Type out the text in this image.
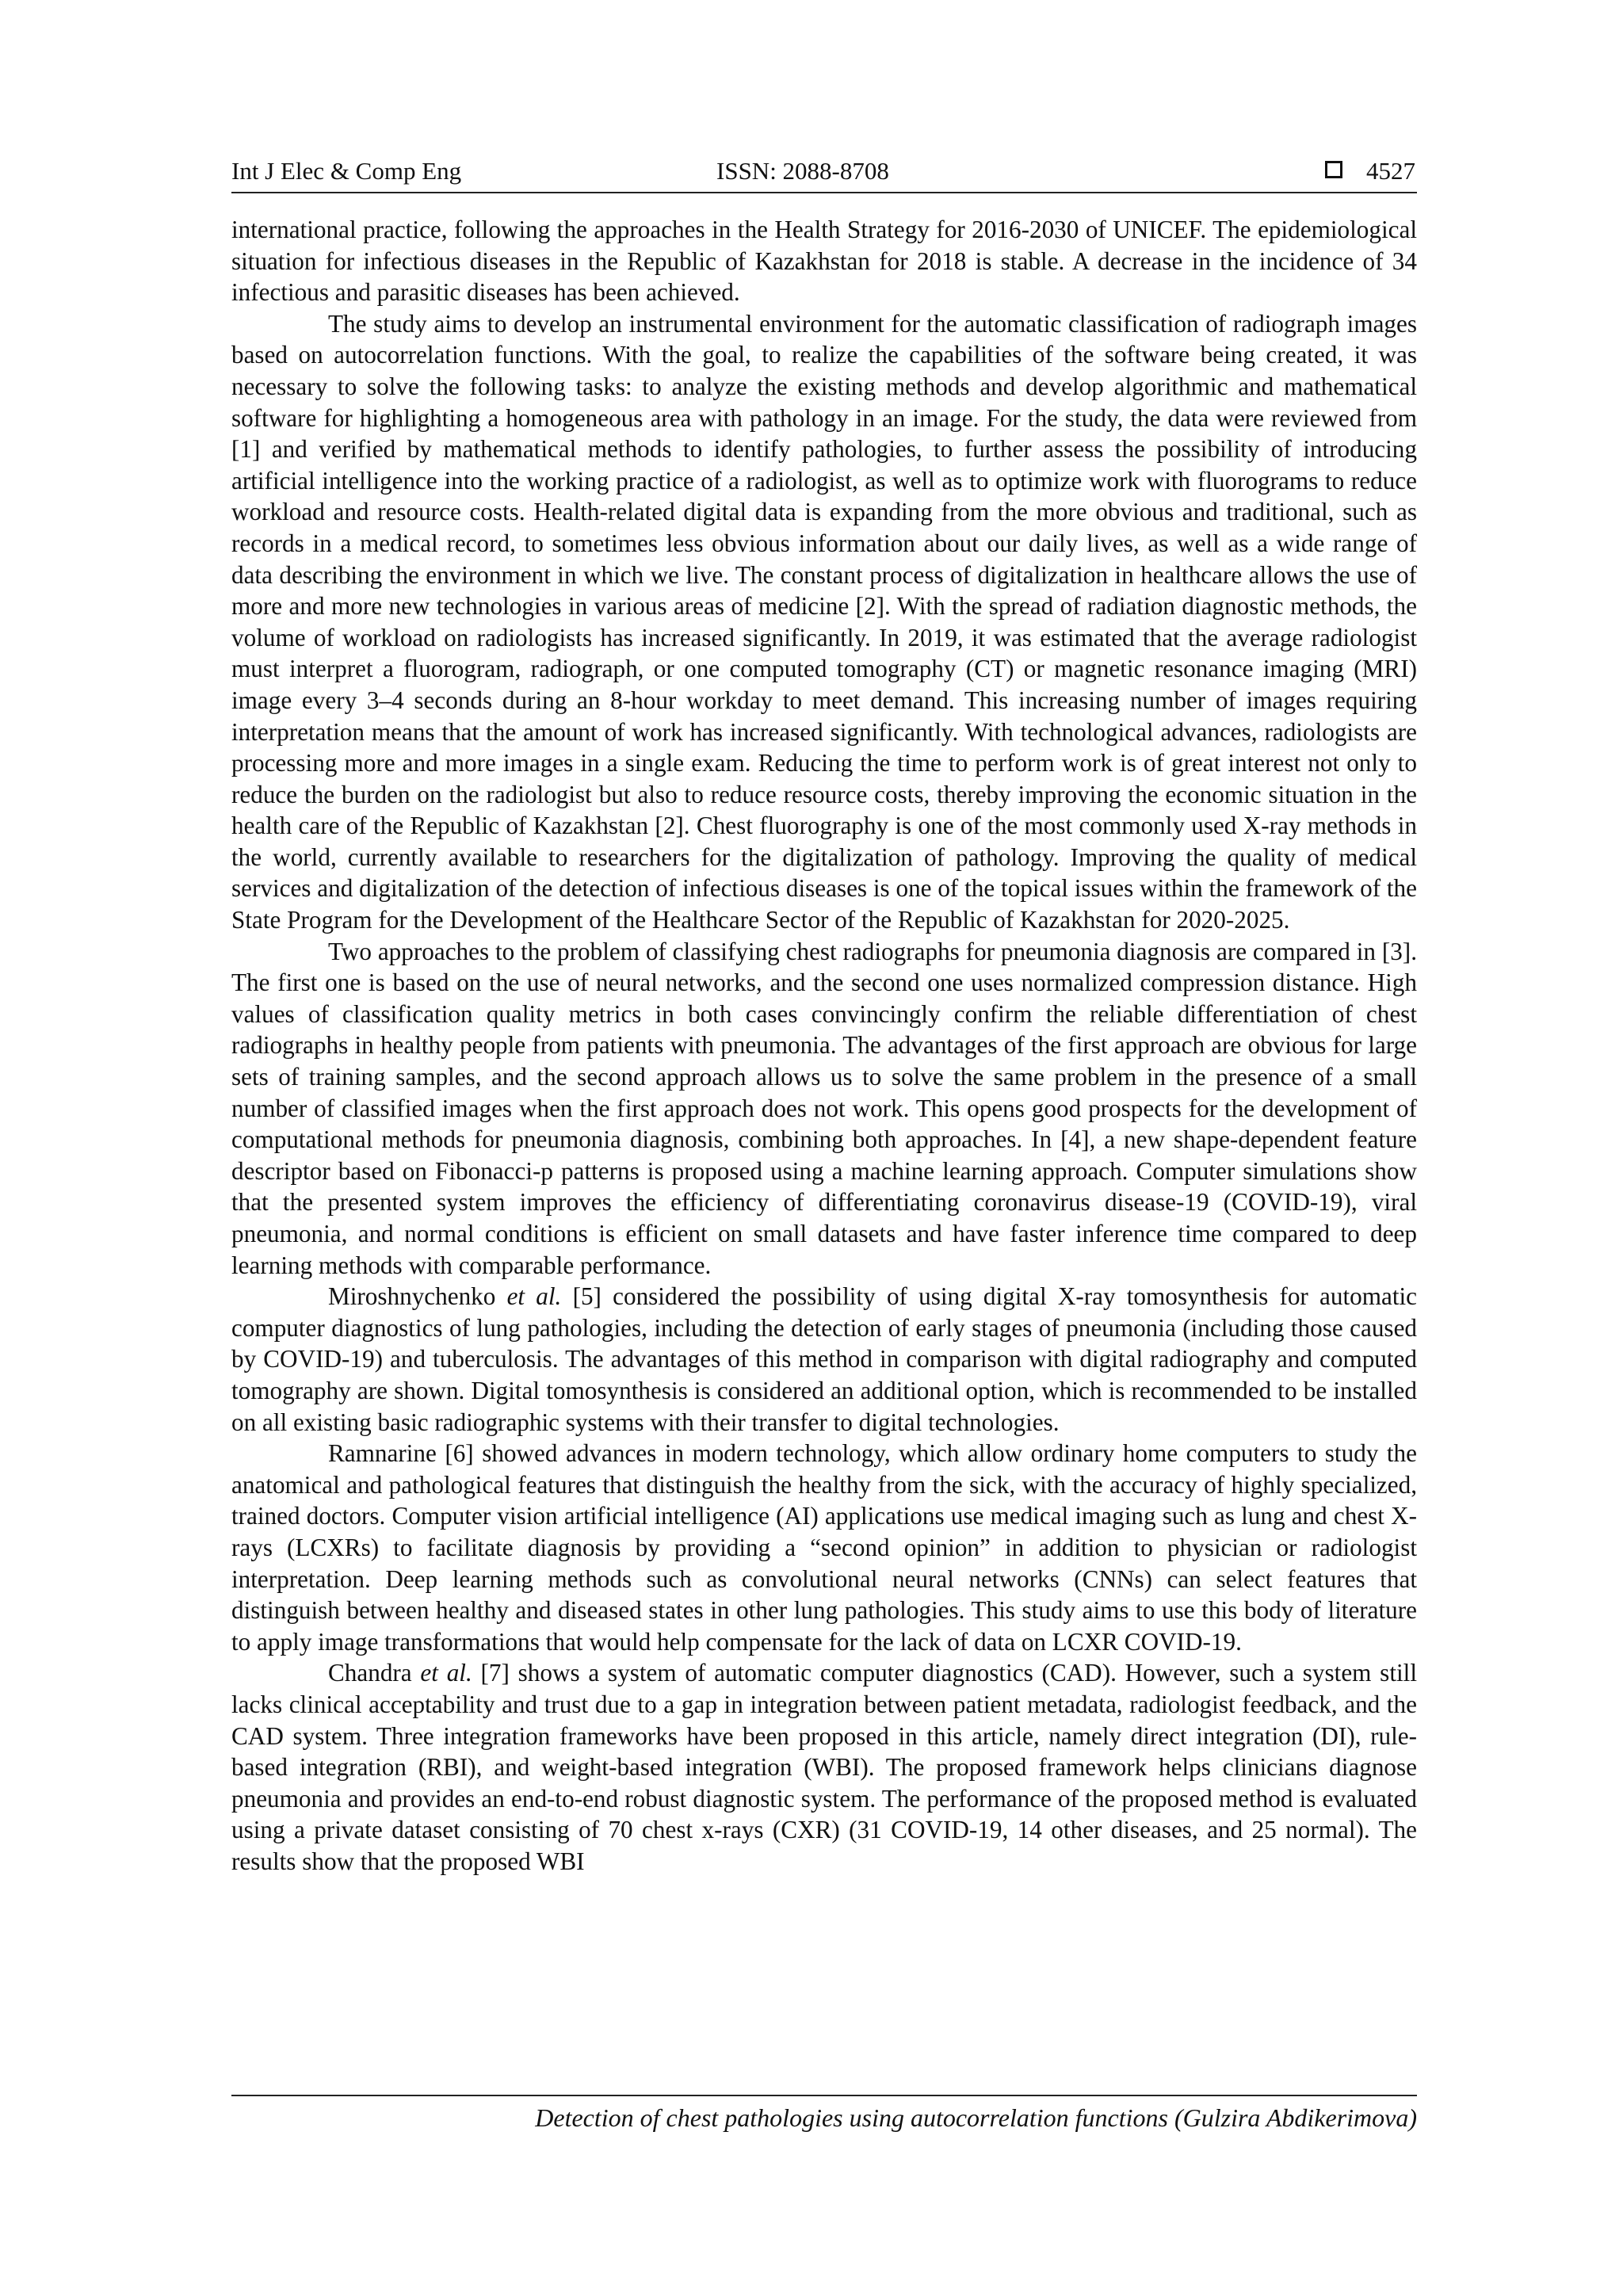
Int J Elec & Comp Eng	ISSN: 2088-8708	4527

international practice, following the approaches in the Health Strategy for 2016-2030 of UNICEF. The epidemiological situation for infectious diseases in the Republic of Kazakhstan for 2018 is stable. A decrease in the incidence of 34 infectious and parasitic diseases has been achieved.

The study aims to develop an instrumental environment for the automatic classification of radiograph images based on autocorrelation functions. With the goal, to realize the capabilities of the software being created, it was necessary to solve the following tasks: to analyze the existing methods and develop algorithmic and mathematical software for highlighting a homogeneous area with pathology in an image. For the study, the data were reviewed from [1] and verified by mathematical methods to identify pathologies, to further assess the possibility of introducing artificial intelligence into the working practice of a radiologist, as well as to optimize work with fluorograms to reduce workload and resource costs. Health-related digital data is expanding from the more obvious and traditional, such as records in a medical record, to sometimes less obvious information about our daily lives, as well as a wide range of data describing the environment in which we live. The constant process of digitalization in healthcare allows the use of more and more new technologies in various areas of medicine [2]. With the spread of radiation diagnostic methods, the volume of workload on radiologists has increased significantly. In 2019, it was estimated that the average radiologist must interpret a fluorogram, radiograph, or one computed tomography (CT) or magnetic resonance imaging (MRI) image every 3–4 seconds during an 8-hour workday to meet demand. This increasing number of images requiring interpretation means that the amount of work has increased significantly. With technological advances, radiologists are processing more and more images in a single exam. Reducing the time to perform work is of great interest not only to reduce the burden on the radiologist but also to reduce resource costs, thereby improving the economic situation in the health care of the Republic of Kazakhstan [2]. Chest fluorography is one of the most commonly used X-ray methods in the world, currently available to researchers for the digitalization of pathology. Improving the quality of medical services and digitalization of the detection of infectious diseases is one of the topical issues within the framework of the State Program for the Development of the Healthcare Sector of the Republic of Kazakhstan for 2020-2025.

Two approaches to the problem of classifying chest radiographs for pneumonia diagnosis are compared in [3]. The first one is based on the use of neural networks, and the second one uses normalized compression distance. High values of classification quality metrics in both cases convincingly confirm the reliable differentiation of chest radiographs in healthy people from patients with pneumonia. The advantages of the first approach are obvious for large sets of training samples, and the second approach allows us to solve the same problem in the presence of a small number of classified images when the first approach does not work. This opens good prospects for the development of computational methods for pneumonia diagnosis, combining both approaches. In [4], a new shape-dependent feature descriptor based on Fibonacci-p patterns is proposed using a machine learning approach. Computer simulations show that the presented system improves the efficiency of differentiating coronavirus disease-19 (COVID-19), viral pneumonia, and normal conditions is efficient on small datasets and have faster inference time compared to deep learning methods with comparable performance.

Miroshnychenko et al. [5] considered the possibility of using digital X-ray tomosynthesis for automatic computer diagnostics of lung pathologies, including the detection of early stages of pneumonia (including those caused by COVID-19) and tuberculosis. The advantages of this method in comparison with digital radiography and computed tomography are shown. Digital tomosynthesis is considered an additional option, which is recommended to be installed on all existing basic radiographic systems with their transfer to digital technologies.

Ramnarine [6] showed advances in modern technology, which allow ordinary home computers to study the anatomical and pathological features that distinguish the healthy from the sick, with the accuracy of highly specialized, trained doctors. Computer vision artificial intelligence (AI) applications use medical imaging such as lung and chest X-rays (LCXRs) to facilitate diagnosis by providing a “second opinion” in addition to physician or radiologist interpretation. Deep learning methods such as convolutional neural networks (CNNs) can select features that distinguish between healthy and diseased states in other lung pathologies. This study aims to use this body of literature to apply image transformations that would help compensate for the lack of data on LCXR COVID-19.

Chandra et al. [7] shows a system of automatic computer diagnostics (CAD). However, such a system still lacks clinical acceptability and trust due to a gap in integration between patient metadata, radiologist feedback, and the CAD system. Three integration frameworks have been proposed in this article, namely direct integration (DI), rule-based integration (RBI), and weight-based integration (WBI). The proposed framework helps clinicians diagnose pneumonia and provides an end-to-end robust diagnostic system. The performance of the proposed method is evaluated using a private dataset consisting of 70 chest x-rays (CXR) (31 COVID-19, 14 other diseases, and 25 normal). The results show that the proposed WBI

Detection of chest pathologies using autocorrelation functions (Gulzira Abdikerimova)
